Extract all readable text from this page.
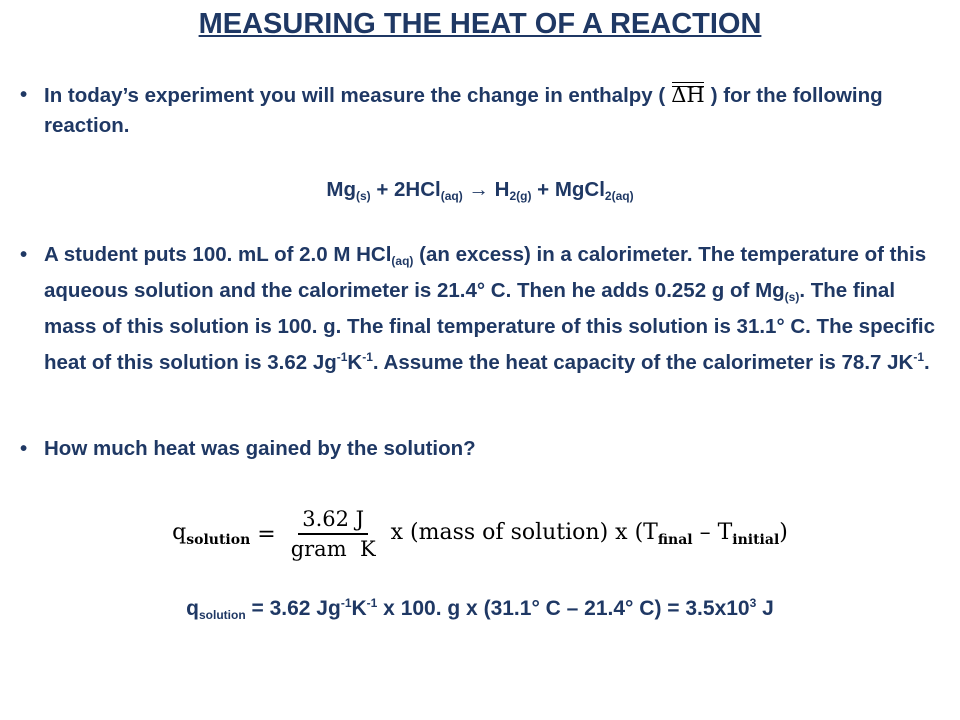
MEASURING THE HEAT OF A REACTION
• In today’s experiment you will measure the change in enthalpy ( ΔH ) for the following reaction.
$Mg_{(s)} + 2HCl_{(aq)} \to H_{2(g)}$ + MgCl$_{2(aq)}$
• A student puts 100. mL of 2.0 M HCl$_{(aq)}$ (an excess) in a calorimeter. The temperature of this aqueous solution and the calorimeter is 21.4° C. Then he adds 0.252 g of $Mg_{(s)}$. The final mass of this solution is 100. g. The final temperature of this solution is 31.1° C. The specific heat of this solution is 3.62 $Jg^{-1}K^{-1}$. Assume the heat capacity of the calorimeter is 78.7 $JK^{-1}$.
• How much heat was gained by the solution?
$q_{solution} = \frac{3.62 J}{\text{gram  K}}$ x (mass of solution) x $(T_{final} - T_{initial})$
$q_{solution} = 3.62$ $Jg^{-1}K^{-1}$ x 100. g x (31.1° C – 21.4° $C) = 3.5x10^3$ J
